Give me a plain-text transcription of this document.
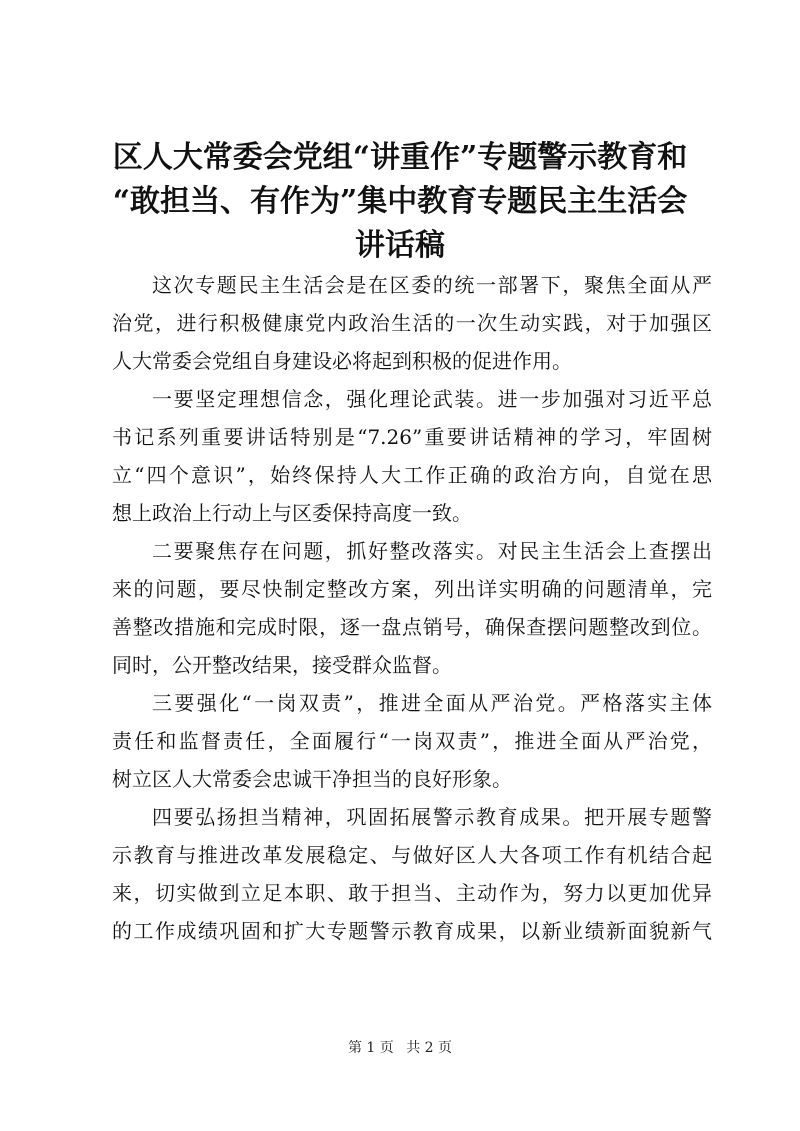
区人大常委会党组“讲重作”专题警示教育和
“敢担当、有作为”集中教育专题民主生活会
讲话稿

这次专题民主生活会是在区委的统一部署下，聚焦全面从严
治党，进行积极健康党内政治生活的一次生动实践，对于加强区
人大常委会党组自身建设必将起到积极的促进作用。

一要坚定理想信念，强化理论武装。进一步加强对习近平总
书记系列重要讲话特别是“7.26”重要讲话精神的学习，牢固树
立“四个意识”，始终保持人大工作正确的政治方向，自觉在思
想上政治上行动上与区委保持高度一致。

二要聚焦存在问题，抓好整改落实。对民主生活会上查摆出
来的问题，要尽快制定整改方案，列出详实明确的问题清单，完
善整改措施和完成时限，逐一盘点销号，确保查摆问题整改到位。
同时，公开整改结果，接受群众监督。

三要强化“一岗双责”，推进全面从严治党。严格落实主体
责任和监督责任，全面履行“一岗双责”，推进全面从严治党，
树立区人大常委会忠诚干净担当的良好形象。

四要弘扬担当精神，巩固拓展警示教育成果。把开展专题警
示教育与推进改革发展稳定、与做好区人大各项工作有机结合起
来，切实做到立足本职、敢于担当、主动作为，努力以更加优异
的工作成绩巩固和扩大专题警示教育成果，以新业绩新面貌新气

第 1 页 共 2 页
